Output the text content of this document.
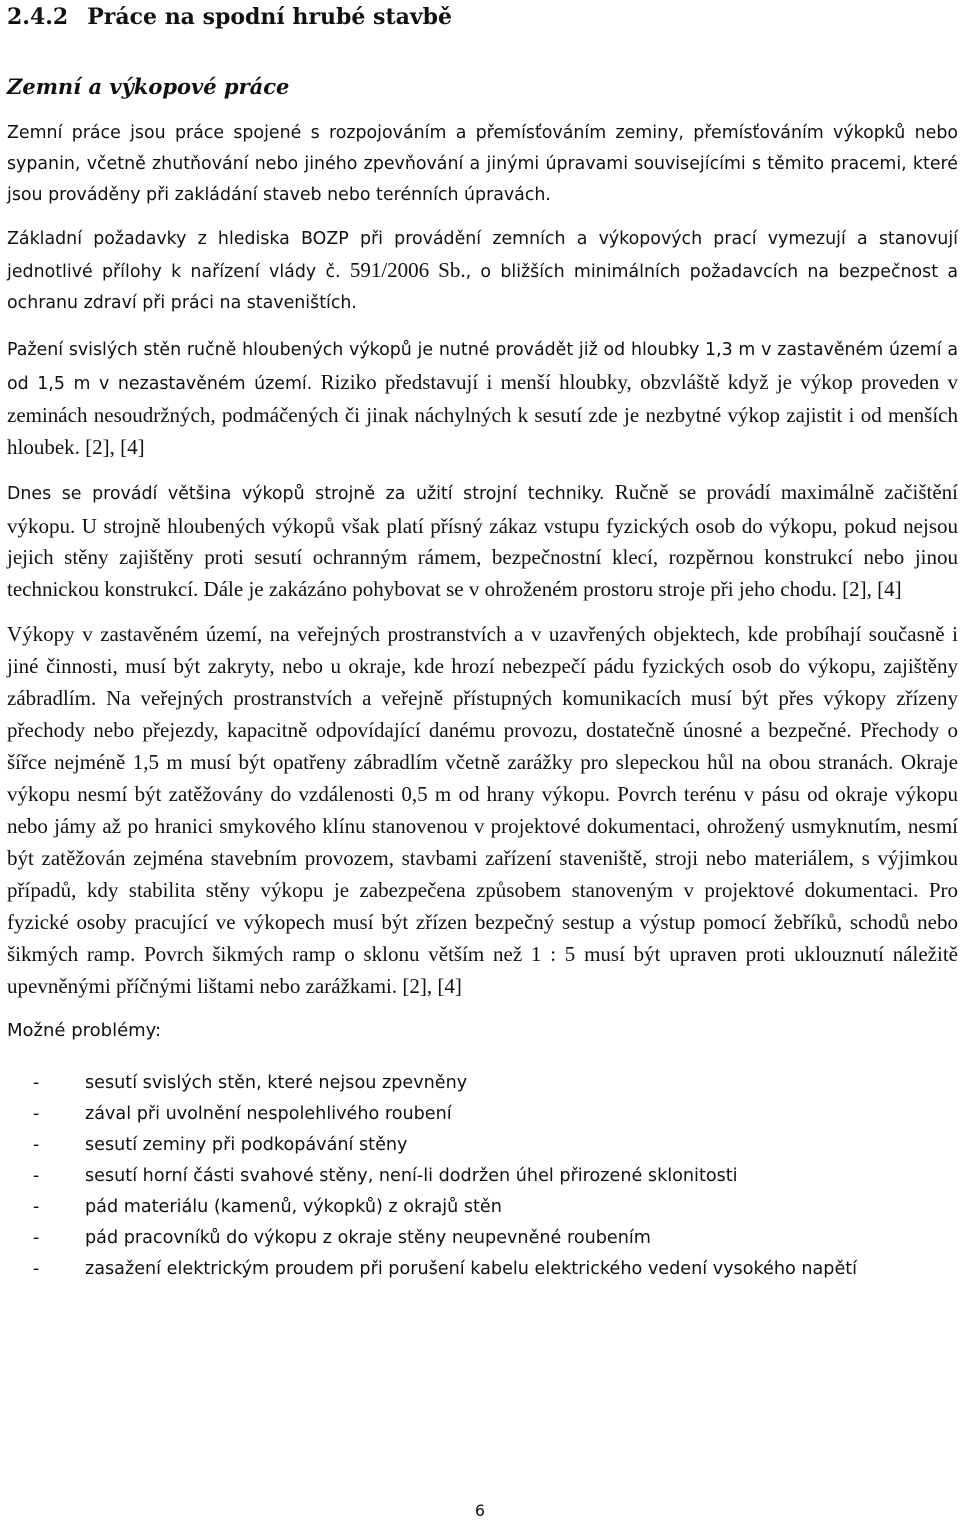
2.4.2 Práce na spodní hrubé stavbě
Zemní a výkopové práce

Zemní práce jsou práce spojené s rozpojováním a přemísťováním zeminy, přemísťováním výkopků nebo sypanin, včetně zhutňování nebo jiného zpevňování a jinými úpravami souvisejícími s těmito pracemi, které jsou prováděny při zakládání staveb nebo terénních úpravách.

Základní požadavky z hlediska BOZP při provádění zemních a výkopových prací vymezují a stanovují jednotlivé přílohy k nařízení vlády č. 591/2006 Sb., o bližších minimálních požadavcích na bezpečnost a ochranu zdraví při práci na staveništích.

Pažení svislých stěn ručně hloubených výkopů je nutné provádět již od hloubky 1,3 m v zastavěném území a od 1,5 m v nezastavěném území. Riziko představují i menší hloubky, obzvláště když je výkop proveden v zeminách nesoudržných, podmáčených či jinak náchylných k sesutí zde je nezbytné výkop zajistit i od menších hloubek. [2], [4]

Dnes se provádí většina výkopů strojně za užití strojní techniky. Ručně se provádí maximálně začištění výkopu. U strojně hloubených výkopů však platí přísný zákaz vstupu fyzických osob do výkopu, pokud nejsou jejich stěny zajištěny proti sesutí ochranným rámem, bezpečnostní klecí, rozpěrnou konstrukcí nebo jinou technickou konstrukcí. Dále je zakázáno pohybovat se v ohroženém prostoru stroje při jeho chodu. [2], [4]

Výkopy v zastavěném území, na veřejných prostranstvích a v uzavřených objektech, kde probíhají současně i jiné činnosti, musí být zakryty, nebo u okraje, kde hrozí nebezpečí pádu fyzických osob do výkopu, zajištěny zábradlím. Na veřejných prostranstvích a veřejně přístupných komunikacích musí být přes výkopy zřízeny přechody nebo přejezdy, kapacitně odpovídající danému provozu, dostatečně únosné a bezpečné. Přechody o šířce nejméně 1,5 m musí být opatřeny zábradlím včetně zarážky pro slepeckou hůl na obou stranách. Okraje výkopu nesmí být zatěžovány do vzdálenosti 0,5 m od hrany výkopu. Povrch terénu v pásu od okraje výkopu nebo jámy až po hranici smykového klínu stanovenou v projektové dokumentaci, ohrožený usmyknutím, nesmí být zatěžován zejména stavebním provozem, stavbami zařízení staveniště, stroji nebo materiálem, s výjimkou případů, kdy stabilita stěny výkopu je zabezpečena způsobem stanoveným v projektové dokumentaci. Pro fyzické osoby pracující ve výkopech musí být zřízen bezpečný sestup a výstup pomocí žebříků, schodů nebo šikmých ramp. Povrch šikmých ramp o sklonu větším než 1 : 5 musí být upraven proti uklouznutí náležitě upevněnými příčnými lištami nebo zarážkami. [2], [4]

Možné problémy:

-	sesutí svislých stěn, které nejsou zpevněny
-	zával při uvolnění nespolehlivého roubení
-	sesutí zeminy při podkopávání stěny
-	sesutí horní části svahové stěny, není-li dodržen úhel přirozené sklonitosti
-	pád materiálu (kamenů, výkopků) z okrajů stěn
-	pád pracovníků do výkopu z okraje stěny neupevněné roubením
-	zasažení elektrickým proudem při porušení kabelu elektrického vedení vysokého napětí
6
